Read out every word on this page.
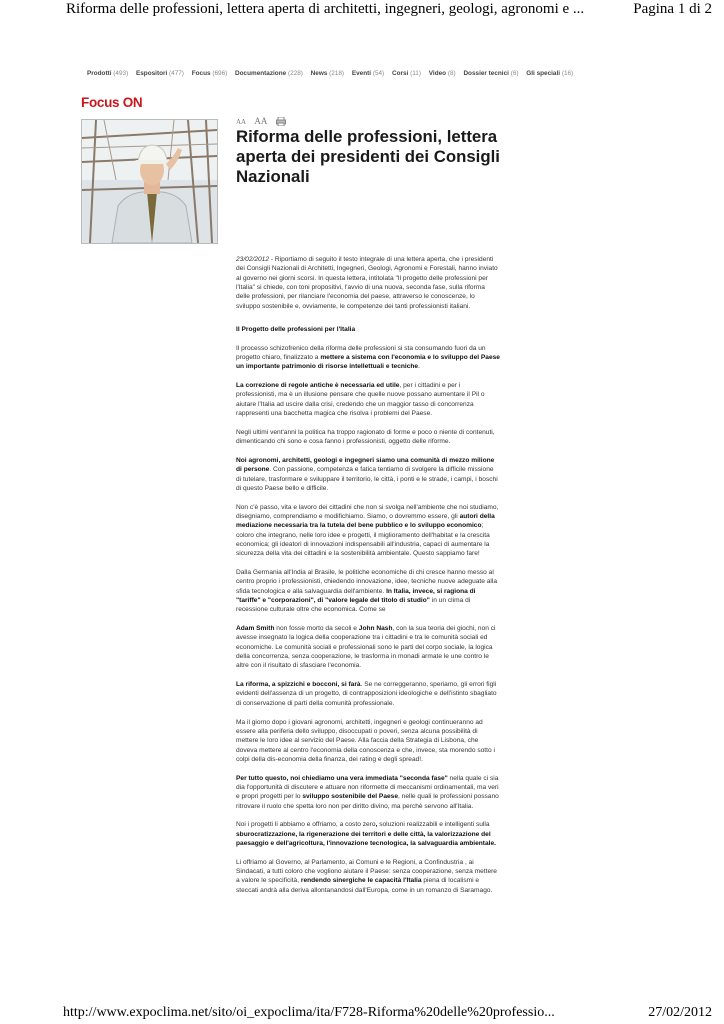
Riforma delle professioni, lettera aperta di architetti, ingegneri, geologi, agronomi e ...	Pagina 1 di 2
Prodotti (493) Espositori (477) Focus (696) Documentazione (228) News (218) Eventi (54) Corsi (11) Video (8) Dossier tecnici (6) Gli speciali (16)
Focus ON
AA AA
Riforma delle professioni, lettera aperta dei presidenti dei Consigli Nazionali

23/02/2012 - Riportiamo di seguito il testo integrale di una lettera aperta, che i presidenti dei Consigli Nazionali di Architetti, Ingegneri, Geologi, Agronomi e Forestali, hanno inviato al governo nei giorni scorsi. In questa lettera, intitolata "Il progetto delle professioni per l'Italia" si chiede, con toni propositivi, l'avvio di una nuova, seconda fase, sulla riforma delle professioni, per rilanciare l'economia del paese, attraverso le conoscenze, lo sviluppo sostenibile e, ovviamente, le competenze dei tanti professionisti italiani.

Il Progetto delle professioni per l'Italia

Il processo schizofrenico della riforma delle professioni si sta consumando fuori da un progetto chiaro, finalizzato a mettere a sistema con l'economia e lo sviluppo del Paese un importante patrimonio di risorse intellettuali e tecniche.

La correzione di regole antiche è necessaria ed utile, per i cittadini e per i professionisti, ma è un illusione pensare che quelle nuove possano aumentare il Pil o aiutare l'Italia ad uscire dalla crisi, credendo che un maggior tasso di concorrenza rappresenti una bacchetta magica che risolva i problemi del Paese.

Negli ultimi vent'anni la politica ha troppo ragionato di forme e poco o niente di contenuti, dimenticando chi sono e cosa fanno i professionisti, oggetto delle riforme.

Noi agronomi, architetti, geologi e ingegneri siamo una comunità di mezzo milione di persone. Con passione, competenza e fatica tentiamo di svolgere la difficile missione di tutelare, trasformare e sviluppare il territorio, le città, i ponti e le strade, i campi, i boschi di questo Paese bello e difficile.

Non c'è passo, vita e lavoro dei cittadini che non si svolga nell'ambiente che noi studiamo, disegniamo, comprendiamo e modifichiamo. Siamo, o dovremmo essere, gli autori della mediazione necessaria tra la tutela del bene pubblico e lo sviluppo economico; coloro che integrano, nelle loro idee e progetti, il miglioramento dell'habitat e la crescita economica; gli ideatori di innovazioni indispensabili all'industria, capaci di aumentare la sicurezza della vita dei cittadini e la sostenibilità ambientale. Questo sappiamo fare!

Dalla Germania all'India al Brasile, le politiche economiche di chi cresce hanno messo al centro proprio i professionisti, chiedendo innovazione, idee, tecniche nuove adeguate alla sfida tecnologica e alla salvaguardia dell'ambiente. In Italia, invece, si ragiona di "tariffe" e "corporazioni", di "valore legale del titolo di studio" in un clima di recessione culturale oltre che economica. Come se

Adam Smith non fosse morto da secoli e John Nash, con la sua teoria dei giochi, non ci avesse insegnato la logica della cooperazione tra i cittadini e tra le comunità sociali ed economiche. Le comunità sociali e professionali sono le parti del corpo sociale, la logica della concorrenza, senza cooperazione, le trasforma in monadi armate le une contro le altre con il risultato di sfasciare l'economia.

La riforma, a spizzichi e bocconi, si farà. Se ne correggeranno, speriamo, gli errori figli evidenti dell'assenza di un progetto, di contrapposizioni ideologiche e dell'istinto sbagliato di conservazione di parti della comunità professionale.

Ma il giorno dopo i giovani agronomi, architetti, ingegneri e geologi continueranno ad essere alla periferia dello sviluppo, disoccupati o poveri, senza alcuna possibilità di mettere le loro idee al servizio del Paese. Alla faccia della Strategia di Lisbona, che doveva mettere al centro l'economia della conoscenza e che, invece, sta morendo sotto i colpi della dis-economia della finanza, dei rating e degli spread!.

Per tutto questo, noi chiediamo una vera immediata "seconda fase" nella quale ci sia dia l'opportunità di discutere e attuare non riformette di meccanismi ordinamentali, ma veri e propri progetti per lo sviluppo sostenibile del Paese, nelle quali le professioni possano ritrovare il ruolo che spetta loro non per diritto divino, ma perchè servono all'Italia.

Noi i progetti li abbiamo e offriamo, a costo zero, soluzioni realizzabili e intelligenti sulla sburocratizzazione, la rigenerazione dei territori e delle città, la valorizzazione del paesaggio e dell'agricoltura, l'innovazione tecnologica, la salvaguardia ambientale.

Li offriamo al Governo, al Parlamento, ai Comuni e le Regioni, a Confindustria , ai Sindacati, a tutti coloro che vogliono aiutare il Paese: senza cooperazione, senza mettere a valore le specificità, rendendo sinergiche le capacità l'Italia piena di localismi e steccati andrà alla deriva allontanandosi dall'Europa, come in un romanzo di Saramago.

http://www.expoclima.net/sito/oi_expoclima/ita/F728-Riforma%20delle%20professio...	27/02/2012
